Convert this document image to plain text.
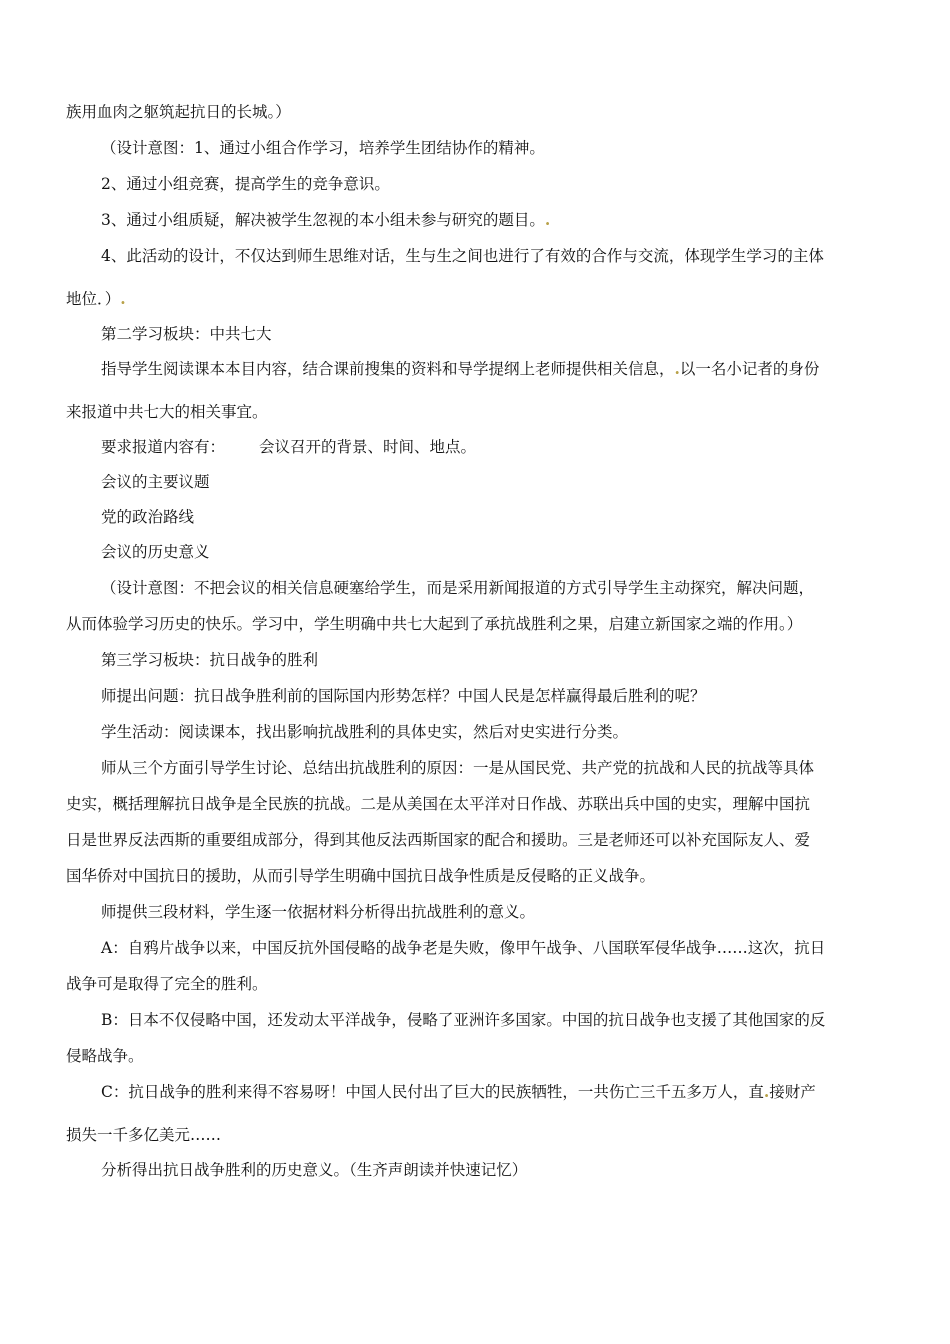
族用血肉之躯筑起抗日的长城。）

（设计意图：1、通过小组合作学习，培养学生团结协作的精神。

2、通过小组竞赛，提高学生的竞争意识。

3、通过小组质疑，解决被学生忽视的本小组未参与研究的题目。.

4、此活动的设计，不仅达到师生思维对话，生与生之间也进行了有效的合作与交流，体现学生学习的主体

地位．）.

第二学习板块：中共七大

指导学生阅读课本本目内容，结合课前搜集的资料和导学提纲上老师提供相关信息，.以一名小记者的身份

来报道中共七大的相关事宜。

要求报道内容有： 会议召开的背景、时间、地点。

会议的主要议题

党的政治路线

会议的历史意义

（设计意图：不把会议的相关信息硬塞给学生，而是采用新闻报道的方式引导学生主动探究，解决问题，

从而体验学习历史的快乐。学习中，学生明确中共七大起到了承抗战胜利之果，启建立新国家之端的作用。）

第三学习板块：抗日战争的胜利

师提出问题：抗日战争胜利前的国际国内形势怎样？中国人民是怎样赢得最后胜利的呢？

学生活动：阅读课本，找出影响抗战胜利的具体史实，然后对史实进行分类。

师从三个方面引导学生讨论、总结出抗战胜利的原因：一是从国民党、共产党的抗战和人民的抗战等具体

史实，概括理解抗日战争是全民族的抗战。二是从美国在太平洋对日作战、苏联出兵中国的史实，理解中国抗

日是世界反法西斯的重要组成部分，得到其他反法西斯国家的配合和援助。三是老师还可以补充国际友人、爱

国华侨对中国抗日的援助，从而引导学生明确中国抗日战争性质是反侵略的正义战争。

师提供三段材料，学生逐一依据材料分析得出抗战胜利的意义。

A：自鸦片战争以来，中国反抗外国侵略的战争老是失败，像甲午战争、八国联军侵华战争……这次，抗日

战争可是取得了完全的胜利。

B：日本不仅侵略中国，还发动太平洋战争，侵略了亚洲许多国家。中国的抗日战争也支援了其他国家的反

侵略战争。

C：抗日战争的胜利来得不容易呀！中国人民付出了巨大的民族牺牲，一共伤亡三千五多万人，直.接财产

损失一千多亿美元……

分析得出抗日战争胜利的历史意义。（生齐声朗读并快速记忆）
